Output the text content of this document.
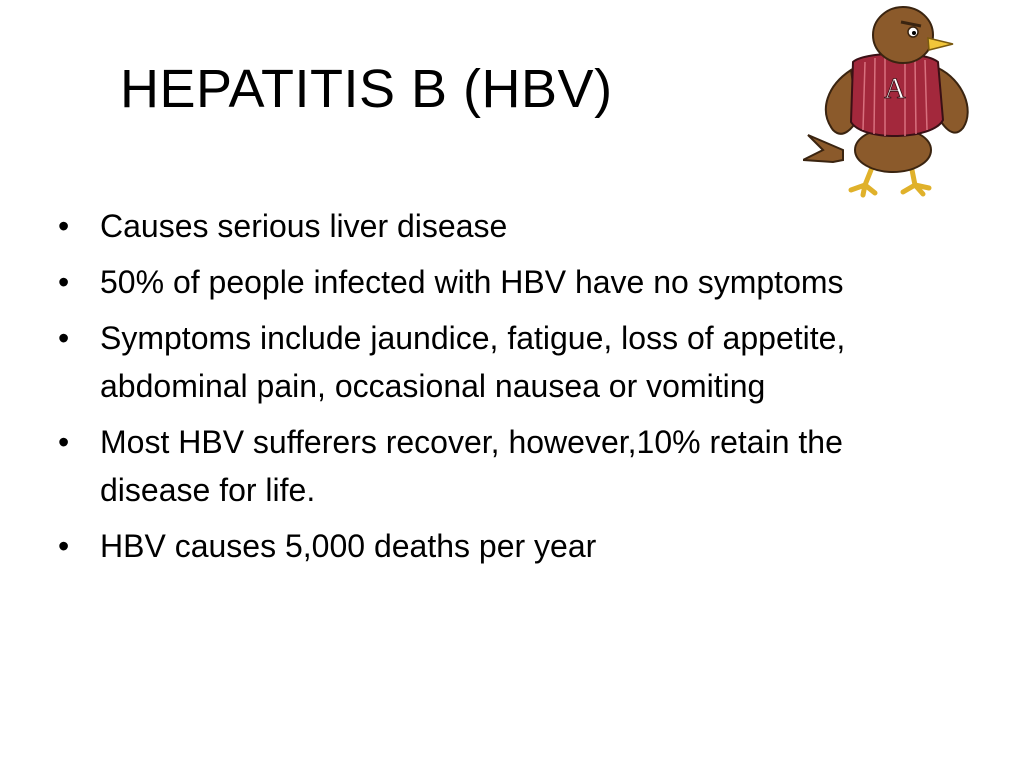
HEPATITIS B (HBV)	A
• Causes serious liver disease
• 50% of people infected with HBV have no symptoms
• Symptoms include jaundice, fatigue, loss of appetite, abdominal pain, occasional nausea or vomiting
• Most HBV sufferers recover, however,10% retain the disease for life.
• HBV causes 5,000 deaths per year
